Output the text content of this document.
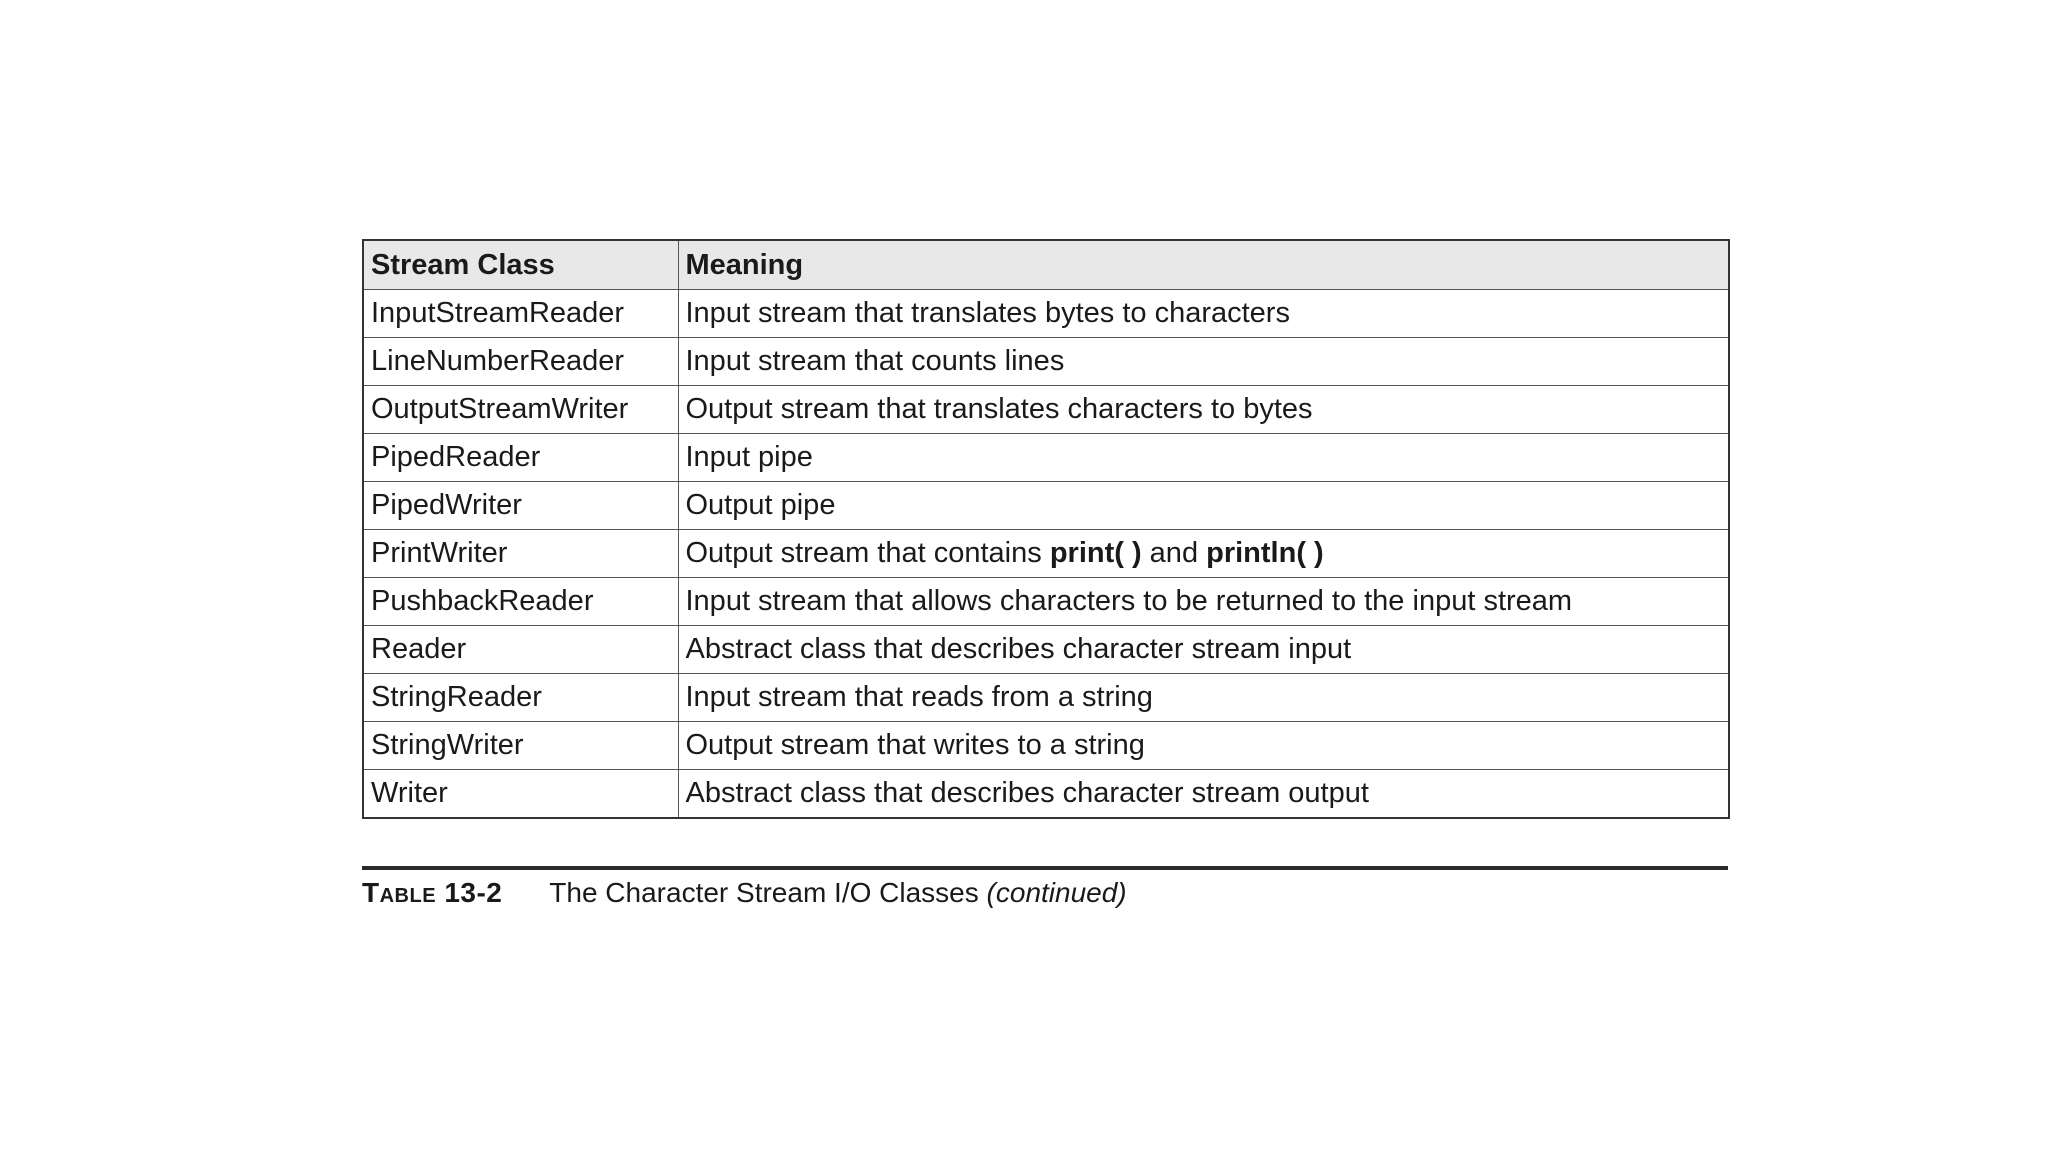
Stream Class	Meaning
InputStreamReader	Input stream that translates bytes to characters
LineNumberReader	Input stream that counts lines
OutputStreamWriter	Output stream that translates characters to bytes
PipedReader	Input pipe
PipedWriter	Output pipe
PrintWriter	Output stream that contains print( ) and println( )
PushbackReader	Input stream that allows characters to be returned to the input stream
Reader	Abstract class that describes character stream input
StringReader	Input stream that reads from a string
StringWriter	Output stream that writes to a string
Writer	Abstract class that describes character stream output
Table 13-2 The Character Stream I/O Classes (continued)
